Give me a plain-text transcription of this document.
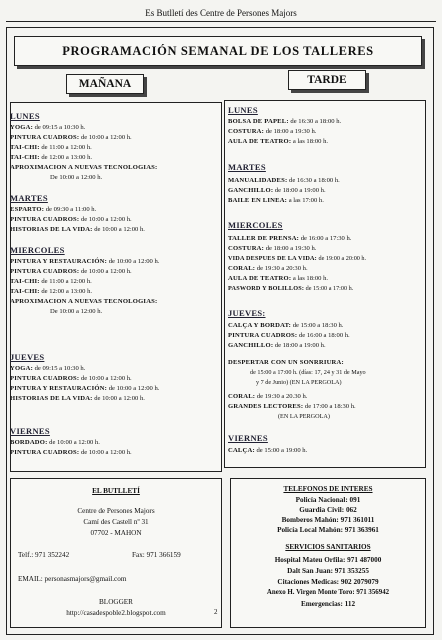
Es Butlletí des Centre de Persones Majors
PROGRAMACIÓN SEMANAL DE LOS TALLERES
MAÑANA	TARDE
LUNES
YOGA: de 09:15 a 10:30 h.
PINTURA CUADROS: de 10:00 a 12:00 h.
TAI-CHI: de 11:00 a 12:00 h.
TAI-CHI: de 12:00 a 13:00 h.
APROXIMACION A NUEVAS TECNOLOGIAS:
De 10:00 a 12:00 h.
MARTES
ESPARTO: de 09:30 a 11:00 h.
PINTURA CUADROS: de 10:00 a 12:00 h.
HISTORIAS DE LA VIDA: de 10:00 a 12:00 h.
MIERCOLES
PINTURA Y RESTAURACIÓN: de 10:00 a 12:00 h.
PINTURA CUADROS: de 10:00 a 12:00 h.
TAI-CHI: de 11:00 a 12:00 h.
TAI-CHI: de 12:00 a 13:00 h.
APROXIMACION A NUEVAS TECNOLOGIAS:
De 10:00 a 12:00 h.
JUEVES
YOGA: de 09:15 a 10:30 h.
PINTURA CUADROS: de 10:00 a 12:00 h.
PINTURA Y RESTAURACIÓN: de 10:00 a 12:00 h.
HISTORIAS DE LA VIDA: de 10:00 a 12:00 h.
VIERNES
BORDADO: de 10:00 a 12:00 h.
PINTURA CUADROS: de 10:00 a 12:00 h.
LUNES
BOLSA DE PAPEL: de 16:30 a 18:00 h.
COSTURA: de 18:00 a 19:30 h.
AULA DE TEATRO: a las 18:00 h.
MARTES
MANUALIDADES: de 16:30 a 18:00 h.
GANCHILLO: de 18:00 a 19:00 h.
BAILE EN LINEA: a las 17:00 h.
MIERCOLES
TALLER DE PRENSA: de 16:00 a 17:30 h.
COSTURA: de 18:00 a 19:30 h.
VIDA DESPUES DE LA VIDA: de 19:00 a 20:00 h.
CORAL: de 19:30 a 20:30 h.
AULA DE TEATRO: a las 18:00 h.
PASWORD Y BOLILLOS: de 15:00 a 17:00 h.
JUEVES:
CALÇA Y BORDAT: de 15:00 a 18:30 h.
PINTURA CUADROS: de 16:00 a 18:00 h.
GANCHILLO: de 18:00 a 19:00 h.
DESPERTAR CON UN SONRRIURA:
de 15:00 a 17:00 h. (días: 17, 24 y 31 de Mayo
y 7 de Junio) (EN LA PERGOLA)
CORAL: de 19:30 a 20.30 h.
GRANDES LECTORES: de 17:00 a 18:30 h.
(EN LA PERGOLA)
VIERNES
CALÇA: de 15:00 a 19:00 h.
EL BUTLLETÍ
Centre de Persones Majors
Camí des Castell nº 31
07702 - MAHON
Telf.: 971 352242	Fax: 971 366159
EMAIL: personasmajors@gmail.com
BLOGGER
http://casadespoble2.blogspot.com
TELEFONOS DE INTERES
Policía Nacional: 091
Guardia Civil: 062
Bomberos Mahón: 971 361011
Policía Local Mahón: 971 363961
SERVICIOS SANITARIOS
Hospital Mateu Orfila: 971 487000
Dalt San Juan: 971 353255
Citaciones Medicas: 902 2079079
Anexo H. Virgen Monte Toro: 971 356942
Emergencias: 112
2
